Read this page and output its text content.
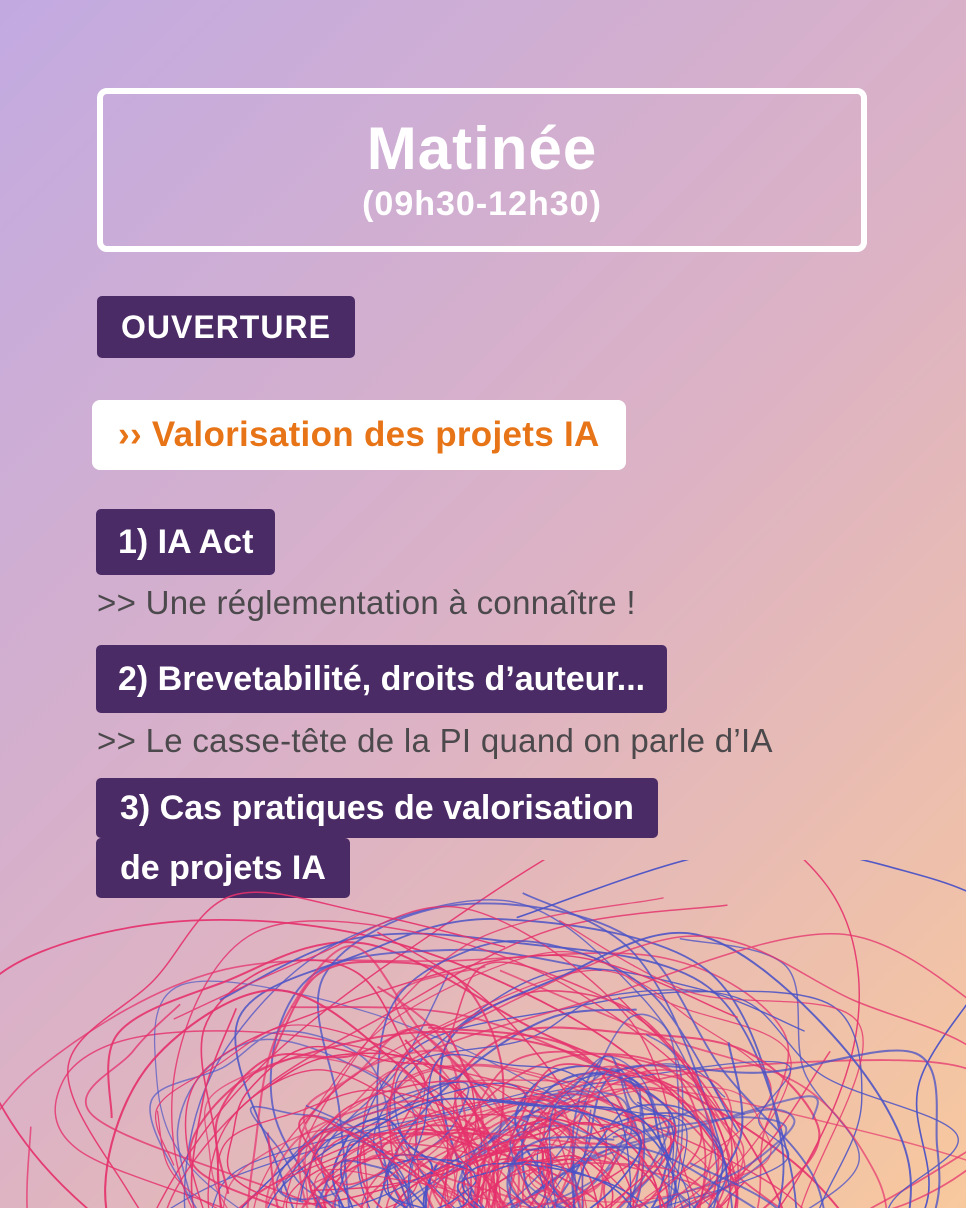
Matinée
(09h30-12h30)
OUVERTURE
›› Valorisation des projets IA
1) IA Act
>> Une réglementation à connaître !
2) Brevetabilité, droits d’auteur...
>> Le casse-tête de la PI quand on parle d’IA
3) Cas pratiques de valorisation
de projets IA
